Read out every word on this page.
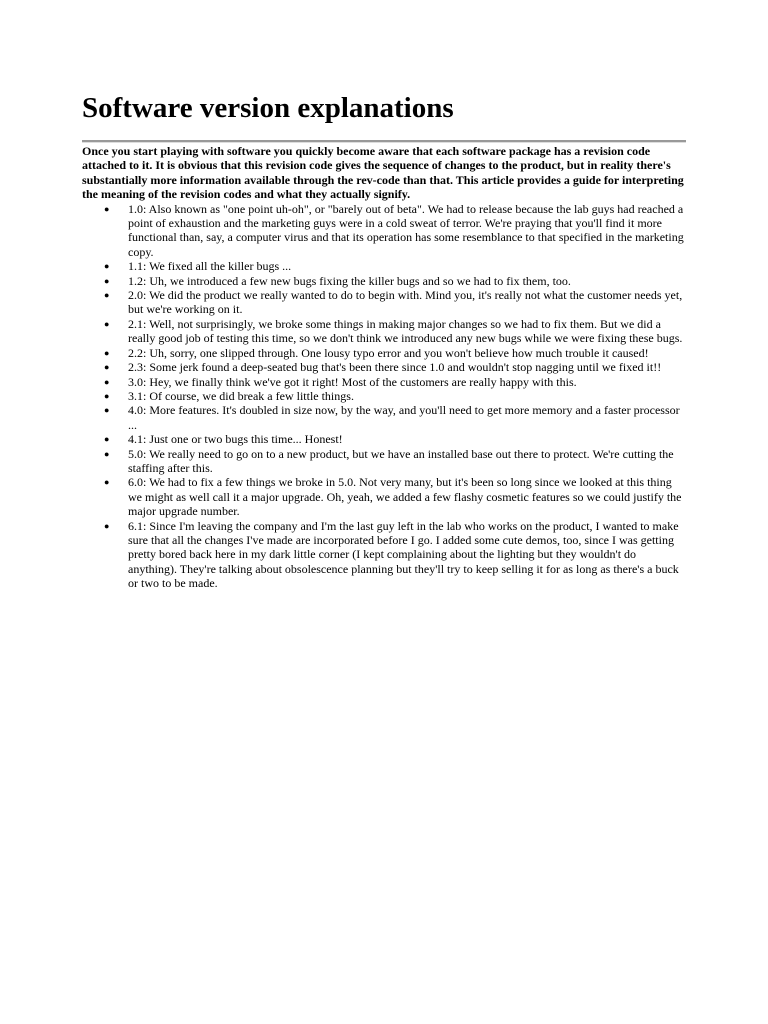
Software version explanations

Once you start playing with software you quickly become aware that each software package has a revision code attached to it. It is obvious that this revision code gives the sequence of changes to the product, but in reality there's substantially more information available through the rev-code than that. This article provides a guide for interpreting the meaning of the revision codes and what they actually signify.

● 1.0: Also known as "one point uh-oh", or "barely out of beta". We had to release because the lab guys had reached a point of exhaustion and the marketing guys were in a cold sweat of terror. We're praying that you'll find it more functional than, say, a computer virus and that its operation has some resemblance to that specified in the marketing copy.
● 1.1: We fixed all the killer bugs ...
● 1.2: Uh, we introduced a few new bugs fixing the killer bugs and so we had to fix them, too.
● 2.0: We did the product we really wanted to do to begin with. Mind you, it's really not what the customer needs yet, but we're working on it.
● 2.1: Well, not surprisingly, we broke some things in making major changes so we had to fix them. But we did a really good job of testing this time, so we don't think we introduced any new bugs while we were fixing these bugs.
● 2.2: Uh, sorry, one slipped through. One lousy typo error and you won't believe how much trouble it caused!
● 2.3: Some jerk found a deep-seated bug that's been there since 1.0 and wouldn't stop nagging until we fixed it!!
● 3.0: Hey, we finally think we've got it right! Most of the customers are really happy with this.
● 3.1: Of course, we did break a few little things.
● 4.0: More features. It's doubled in size now, by the way, and you'll need to get more memory and a faster processor ...
● 4.1: Just one or two bugs this time... Honest!
● 5.0: We really need to go on to a new product, but we have an installed base out there to protect. We're cutting the staffing after this.
● 6.0: We had to fix a few things we broke in 5.0. Not very many, but it's been so long since we looked at this thing we might as well call it a major upgrade. Oh, yeah, we added a few flashy cosmetic features so we could justify the major upgrade number.
● 6.1: Since I'm leaving the company and I'm the last guy left in the lab who works on the product, I wanted to make sure that all the changes I've made are incorporated before I go. I added some cute demos, too, since I was getting pretty bored back here in my dark little corner (I kept complaining about the lighting but they wouldn't do anything). They're talking about obsolescence planning but they'll try to keep selling it for as long as there's a buck or two to be made.
